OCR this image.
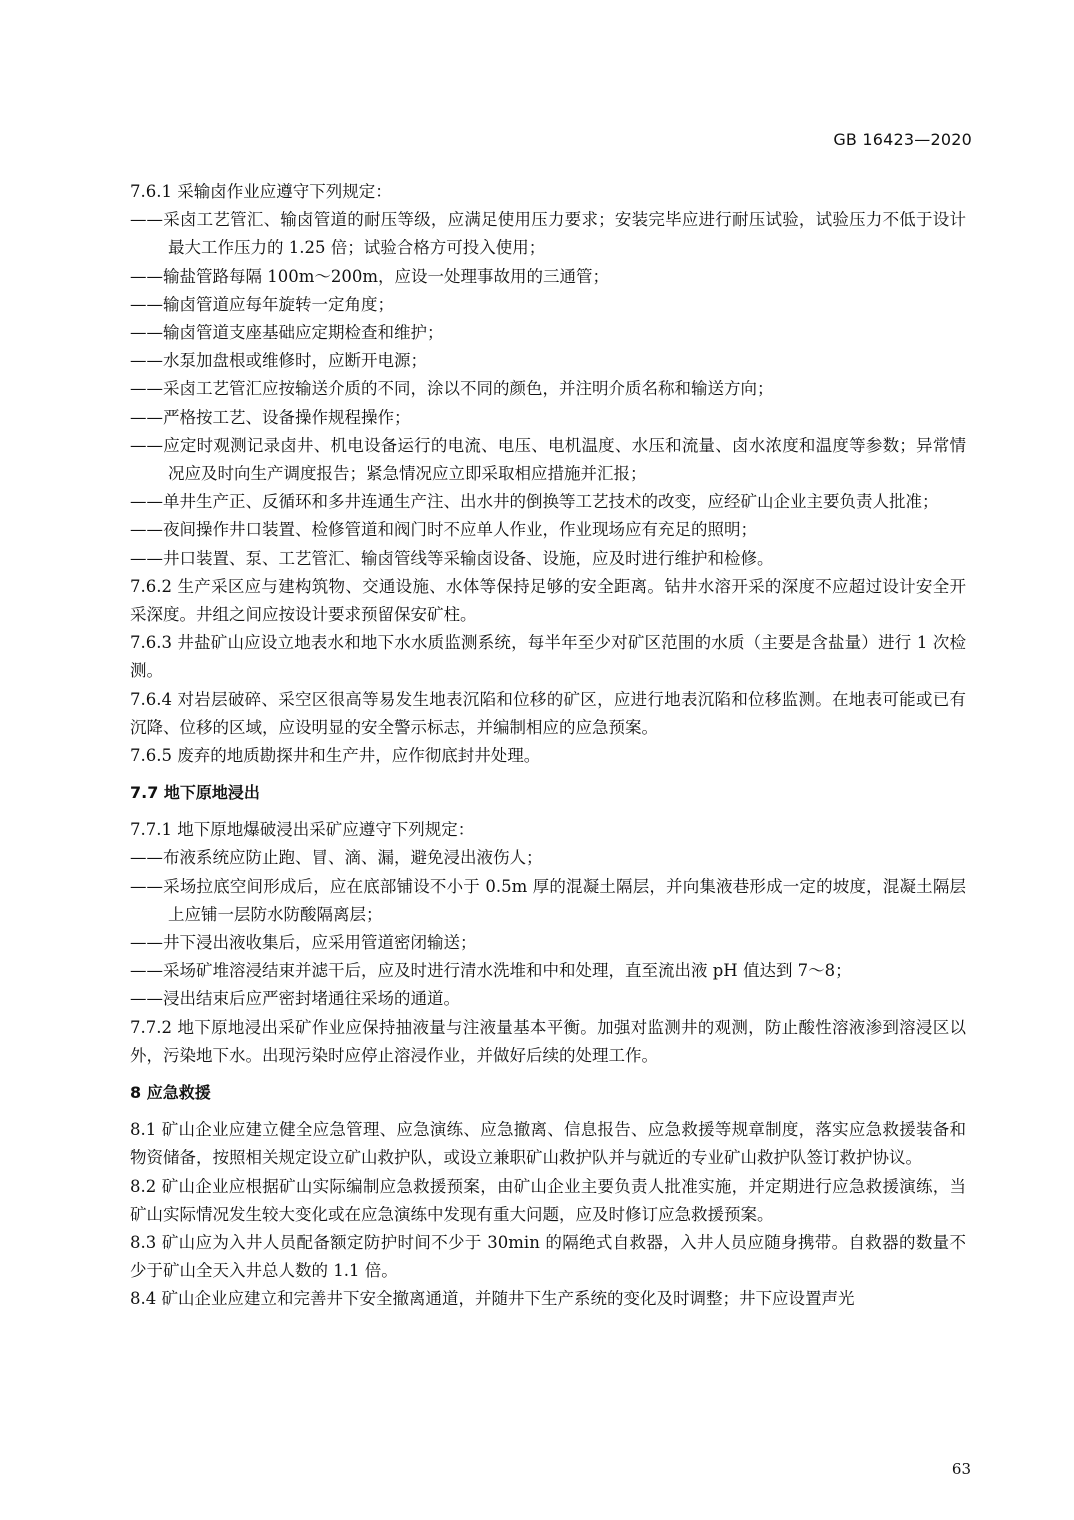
GB 16423—2020

7.6.1 采输卤作业应遵守下列规定：

——采卤工艺管汇、输卤管道的耐压等级，应满足使用压力要求；安装完毕应进行耐压试验，试验压力不低于设计最大工作压力的 1.25 倍；试验合格方可投入使用；

——输盐管路每隔 100m～200m，应设一处理事故用的三通管；

——输卤管道应每年旋转一定角度；

——输卤管道支座基础应定期检查和维护；

——水泵加盘根或维修时，应断开电源；

——采卤工艺管汇应按输送介质的不同，涂以不同的颜色，并注明介质名称和输送方向；

——严格按工艺、设备操作规程操作；

——应定时观测记录卤井、机电设备运行的电流、电压、电机温度、水压和流量、卤水浓度和温度等参数；异常情况应及时向生产调度报告；紧急情况应立即采取相应措施并汇报；

——单井生产正、反循环和多井连通生产注、出水井的倒换等工艺技术的改变，应经矿山企业主要负责人批准；

——夜间操作井口装置、检修管道和阀门时不应单人作业，作业现场应有充足的照明；

——井口装置、泵、工艺管汇、输卤管线等采输卤设备、设施，应及时进行维护和检修。

7.6.2 生产采区应与建构筑物、交通设施、水体等保持足够的安全距离。钻井水溶开采的深度不应超过设计安全开采深度。井组之间应按设计要求预留保安矿柱。

7.6.3 井盐矿山应设立地表水和地下水水质监测系统，每半年至少对矿区范围的水质（主要是含盐量）进行 1 次检测。

7.6.4 对岩层破碎、采空区很高等易发生地表沉陷和位移的矿区，应进行地表沉陷和位移监测。在地表可能或已有沉降、位移的区域，应设明显的安全警示标志，并编制相应的应急预案。

7.6.5 废弃的地质勘探井和生产井，应作彻底封井处理。

7.7 地下原地浸出

7.7.1 地下原地爆破浸出采矿应遵守下列规定：

——布液系统应防止跑、冒、滴、漏，避免浸出液伤人；

——采场拉底空间形成后，应在底部铺设不小于 0.5m 厚的混凝土隔层，并向集液巷形成一定的坡度，混凝土隔层上应铺一层防水防酸隔离层；

——井下浸出液收集后，应采用管道密闭输送；

——采场矿堆溶浸结束并滤干后，应及时进行清水洗堆和中和处理，直至流出液 pH 值达到 7～8；

——浸出结束后应严密封堵通往采场的通道。

7.7.2 地下原地浸出采矿作业应保持抽液量与注液量基本平衡。加强对监测井的观测，防止酸性溶液渗到溶浸区以外，污染地下水。出现污染时应停止溶浸作业，并做好后续的处理工作。

8 应急救援

8.1 矿山企业应建立健全应急管理、应急演练、应急撤离、信息报告、应急救援等规章制度，落实应急救援装备和物资储备，按照相关规定设立矿山救护队，或设立兼职矿山救护队并与就近的专业矿山救护队签订救护协议。

8.2 矿山企业应根据矿山实际编制应急救援预案，由矿山企业主要负责人批准实施，并定期进行应急救援演练，当矿山实际情况发生较大变化或在应急演练中发现有重大问题，应及时修订应急救援预案。

8.3 矿山应为入井人员配备额定防护时间不少于 30min 的隔绝式自救器，入井人员应随身携带。自救器的数量不少于矿山全天入井总人数的 1.1 倍。

8.4 矿山企业应建立和完善井下安全撤离通道，并随井下生产系统的变化及时调整；井下应设置声光

63
